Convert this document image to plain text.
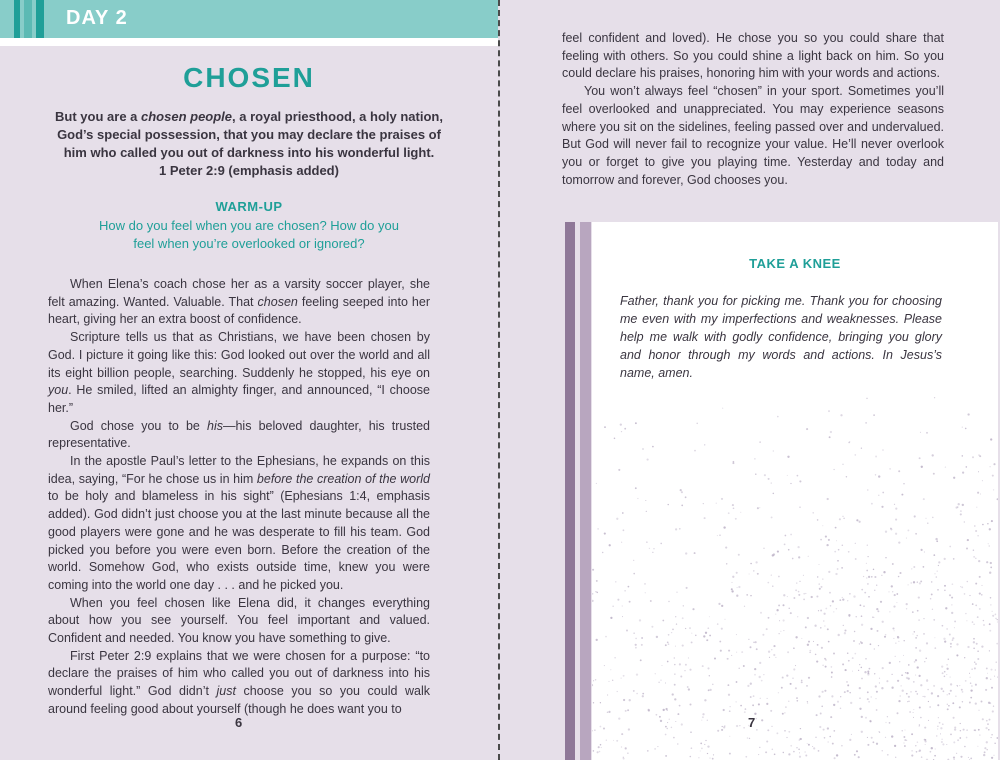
DAY 2
CHOSEN
But you are a chosen people, a royal priesthood, a holy nation, God’s special possession, that you may declare the praises of him who called you out of darkness into his wonderful light.
1 Peter 2:9 (emphasis added)
WARM-UP
How do you feel when you are chosen? How do you feel when you’re overlooked or ignored?

When Elena’s coach chose her as a varsity soccer player, she felt amazing. Wanted. Valuable. That chosen feeling seeped into her heart, giving her an extra boost of confidence.

Scripture tells us that as Christians, we have been chosen by God. I picture it going like this: God looked out over the world and all its eight billion people, searching. Suddenly he stopped, his eye on you. He smiled, lifted an almighty finger, and announced, “I choose her.”

God chose you to be his—his beloved daughter, his trusted representative.

In the apostle Paul’s letter to the Ephesians, he expands on this idea, saying, “For he chose us in him before the creation of the world to be holy and blameless in his sight” (Ephesians 1:4, emphasis added). God didn’t just choose you at the last minute because all the good players were gone and he was desperate to fill his team. God picked you before you were even born. Before the creation of the world. Somehow God, who exists outside time, knew you were coming into the world one day . . . and he picked you.

When you feel chosen like Elena did, it changes everything about how you see yourself. You feel important and valued. Confident and needed. You know you have something to give.

First Peter 2:9 explains that we were chosen for a purpose: “to declare the praises of him who called you out of darkness into his wonderful light.” God didn’t just choose you so you could walk around feeling good about yourself (though he does want you to

6

feel confident and loved). He chose you so you could share that feeling with others. So you could shine a light back on him. So you could declare his praises, honoring him with your words and actions.

You won’t always feel “chosen” in your sport. Sometimes you’ll feel overlooked and unappreciated. You may experience seasons where you sit on the sidelines, feeling passed over and undervalued. But God will never fail to recognize your value. He’ll never overlook you or forget to give you playing time. Yesterday and today and tomorrow and forever, God chooses you.

TAKE A KNEE
Father, thank you for picking me. Thank you for choosing me even with my imperfections and weaknesses. Please help me walk with godly confidence, bringing you glory and honor through my words and actions. In Jesus’s name, amen.
7
